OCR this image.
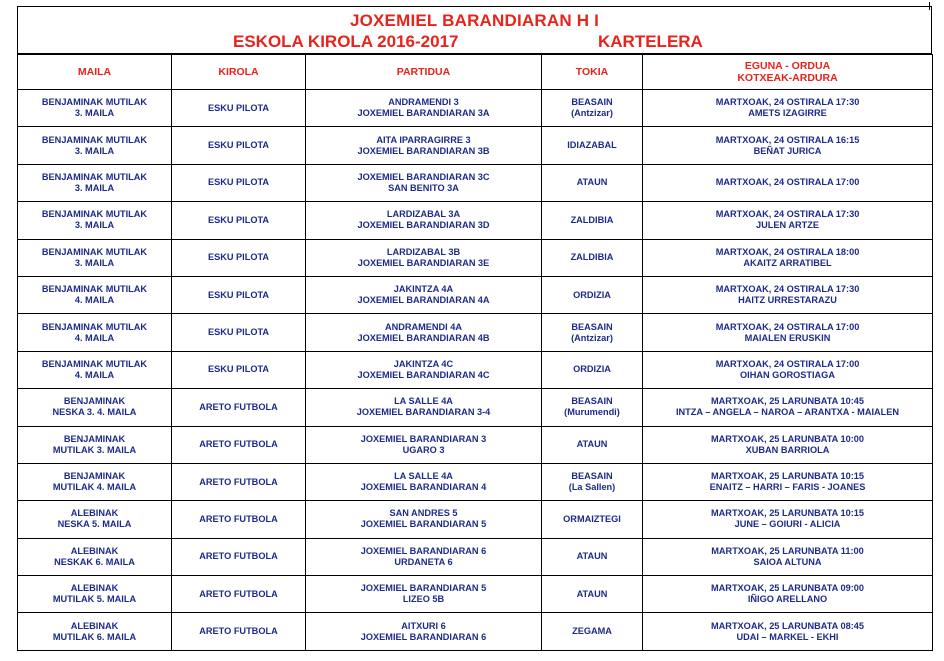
JOXEMIEL BARANDIARAN H I
ESKOLA KIROLA 2016-2017	KARTELERA
MAILA	KIROLA	PARTIDUA	TOKIA	EGUNA - ORDUA
KOTXEAK-ARDURA

BENJAMINAK MUTILAK
3. MAILA	ESKU PILOTA	ANDRAMENDI 3
JOXEMIEL BARANDIARAN 3A	BEASAIN
(Antzizar)	MARTXOAK, 24 OSTIRALA 17:30
AMETS IZAGIRRE

BENJAMINAK MUTILAK
3. MAILA	ESKU PILOTA	AITA IPARRAGIRRE 3
JOXEMIEL BARANDIARAN 3B	IDIAZABAL	MARTXOAK, 24 OSTIRALA 16:15
BEÑAT JURICA

BENJAMINAK MUTILAK
3. MAILA	ESKU PILOTA	JOXEMIEL BARANDIARAN 3C
SAN BENITO 3A	ATAUN	MARTXOAK, 24 OSTIRALA 17:00

BENJAMINAK MUTILAK
3. MAILA	ESKU PILOTA	LARDIZABAL 3A
JOXEMIEL BARANDIARAN 3D	ZALDIBIA	MARTXOAK, 24 OSTIRALA 17:30
JULEN ARTZE

BENJAMINAK MUTILAK
3. MAILA	ESKU PILOTA	LARDIZABAL 3B
JOXEMIEL BARANDIARAN 3E	ZALDIBIA	MARTXOAK, 24 OSTIRALA 18:00
AKAITZ ARRATIBEL

BENJAMINAK MUTILAK
4. MAILA	ESKU PILOTA	JAKINTZA 4A
JOXEMIEL BARANDIARAN 4A	ORDIZIA	MARTXOAK, 24 OSTIRALA 17:30
HAITZ URRESTARAZU

BENJAMINAK MUTILAK
4. MAILA	ESKU PILOTA	ANDRAMENDI 4A
JOXEMIEL BARANDIARAN 4B	BEASAIN
(Antzizar)	MARTXOAK, 24 OSTIRALA 17:00
MAIALEN ERUSKIN

BENJAMINAK MUTILAK
4. MAILA	ESKU PILOTA	JAKINTZA 4C
JOXEMIEL BARANDIARAN 4C	ORDIZIA	MARTXOAK, 24 OSTIRALA 17:00
OIHAN GOROSTIAGA

BENJAMINAK
NESKA 3. 4. MAILA	ARETO FUTBOLA	LA SALLE 4A
JOXEMIEL BARANDIARAN 3-4	BEASAIN
(Murumendi)	MARTXOAK, 25 LARUNBATA 10:45
INTZA – ANGELA – NAROA – ARANTXA - MAIALEN

BENJAMINAK
MUTILAK 3. MAILA	ARETO FUTBOLA	JOXEMIEL BARANDIARAN 3
UGARO 3	ATAUN	MARTXOAK, 25 LARUNBATA 10:00
XUBAN BARRIOLA

BENJAMINAK
MUTILAK 4. MAILA	ARETO FUTBOLA	LA SALLE 4A
JOXEMIEL BARANDIARAN 4	BEASAIN
(La Sallen)	MARTXOAK, 25 LARUNBATA 10:15
ENAITZ – HARRI – FARIS - JOANES

ALEBINAK
NESKA 5. MAILA	ARETO FUTBOLA	SAN ANDRES 5
JOXEMIEL BARANDIARAN 5	ORMAIZTEGI	MARTXOAK, 25 LARUNBATA 10:15
JUNE – GOIURI - ALICIA

ALEBINAK
NESKAK 6. MAILA	ARETO FUTBOLA	JOXEMIEL BARANDIARAN 6
URDANETA 6	ATAUN	MARTXOAK, 25 LARUNBATA 11:00
SAIOA ALTUNA

ALEBINAK
MUTILAK 5. MAILA	ARETO FUTBOLA	JOXEMIEL BARANDIARAN 5
LIZEO 5B	ATAUN	MARTXOAK, 25 LARUNBATA 09:00
IÑIGO ARELLANO

ALEBINAK
MUTILAK 6. MAILA	ARETO FUTBOLA	AITXURI 6
JOXEMIEL BARANDIARAN 6	ZEGAMA	MARTXOAK, 25 LARUNBATA 08:45
UDAI – MARKEL - EKHI
